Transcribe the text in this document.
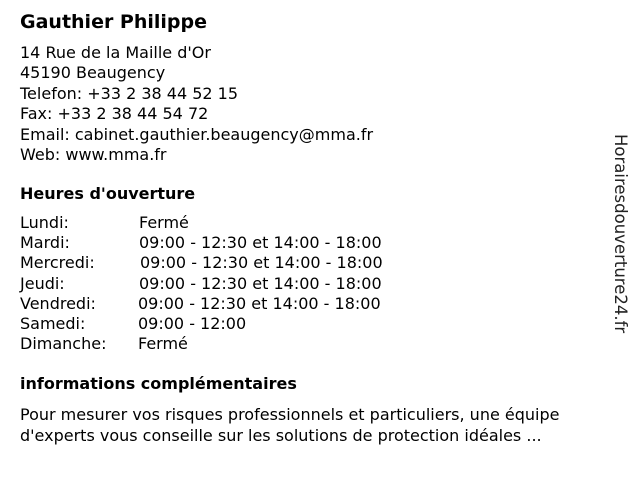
Gauthier Philippe
14 Rue de la Maille d'Or
45190 Beaugency
Telefon: +33 2 38 44 52 15
Fax: +33 2 38 44 54 72
Email: cabinet.gauthier.beaugency@mma.fr
Web: www.mma.fr
Heures d'ouverture
Lundi:	Fermé
Mardi:	09:00 - 12:30 et 14:00 - 18:00
Mercredi:	09:00 - 12:30 et 14:00 - 18:00
Jeudi:	09:00 - 12:30 et 14:00 - 18:00
Vendredi:	09:00 - 12:30 et 14:00 - 18:00
Samedi:	09:00 - 12:00
Dimanche: Fermé
informations complémentaires

Pour mesurer vos risques professionnels et particuliers, une équipe d'experts vous conseille sur les solutions de protection idéales ...

Horairesdouverture24.fr
